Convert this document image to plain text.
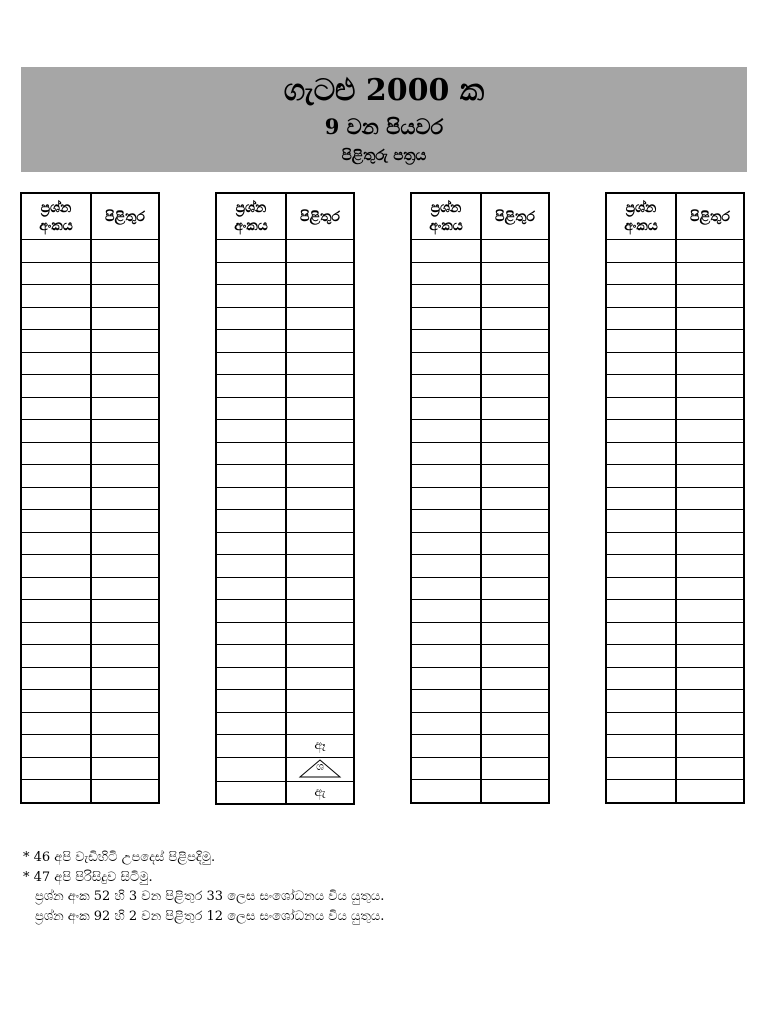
ගැටළු 2000 ක
9 වන පියවර
පිළිතුරු පත්‍රය
ප්‍රශ්න
අංකය	පිළිතුර

ප්‍රශ්න
අංකය	පිළිතුර

	ඈ

	ශ

	ඇ
ප්‍රශ්න
අංකය	පිළිතුර

ප්‍රශ්න
අංකය	පිළිතුර

* 46 අපි වැඩිහිටි උපදෙස් පිළිපදිමු.
* 47 අපි පිරිසිදුව සිටිමු.
ප්‍රශ්න අංක 52 හි 3 වන පිළිතුර 33 ලෙස සංශෝධනය විය යුතුය.
ප්‍රශ්න අංක 92 හි 2 වන පිළිතුර 12 ලෙස සංශෝධනය විය යුතුය.
